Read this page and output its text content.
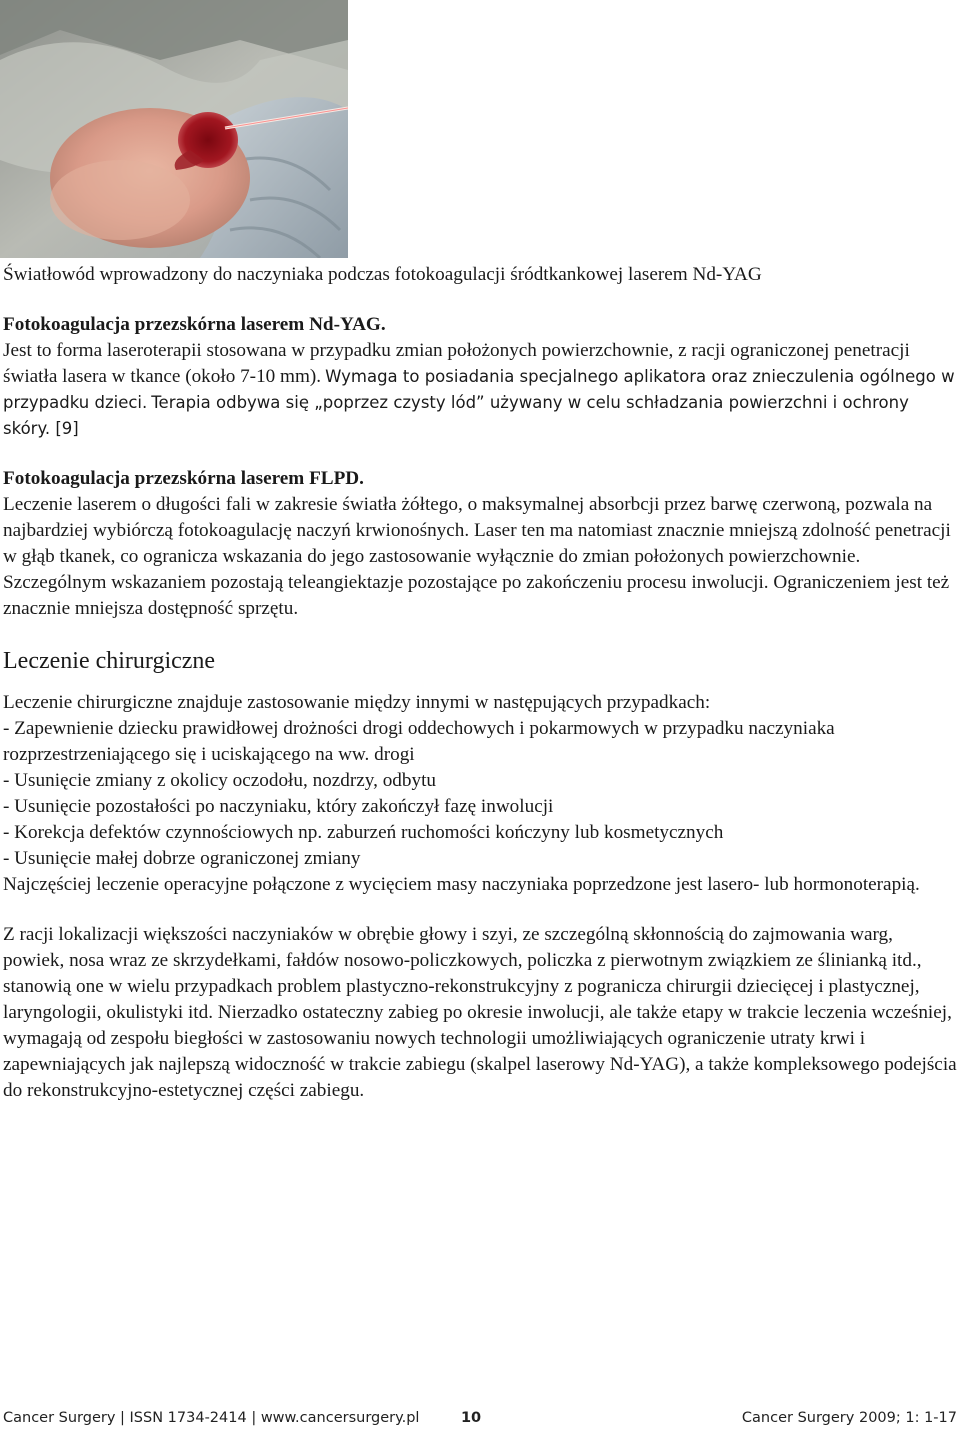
Światłowód wprowadzony do naczyniaka podczas fotokoagulacji śródtkankowej laserem Nd-YAG

Fotokoagulacja przezskórna laserem Nd-YAG.

Jest to forma laseroterapii stosowana w przypadku zmian położonych powierzchownie, z racji ograniczonej penetracji światła lasera w tkance (około 7-10 mm). Wymaga to posiadania specjalnego aplikatora oraz znieczulenia ogólnego w przypadku dzieci. Terapia odbywa się „poprzez czysty lód” używany w celu schładzania powierzchni i ochrony skóry. [9]

Fotokoagulacja przezskórna laserem FLPD.

Leczenie laserem o długości fali w zakresie światła żółtego, o maksymalnej absorbcji przez barwę czerwoną, pozwala na najbardziej wybiórczą fotokoagulację naczyń krwionośnych. Laser ten ma natomiast znacznie mniejszą zdolność penetracji w głąb tkanek, co ogranicza wskazania do jego zastosowanie wyłącznie do zmian położonych powierzchownie. Szczególnym wskazaniem pozostają teleangiektazje pozostające po zakończeniu procesu inwolucji. Ograniczeniem jest też znacznie mniejsza dostępność sprzętu.

Leczenie chirurgiczne

Leczenie chirurgiczne znajduje zastosowanie między innymi w następujących przypadkach:

- Zapewnienie dziecku prawidłowej drożności drogi oddechowych i pokarmowych w przypadku naczyniaka rozprzestrzeniającego się i uciskającego na ww. drogi

- Usunięcie zmiany z okolicy oczodołu, nozdrzy, odbytu

- Usunięcie pozostałości po naczyniaku, który zakończył fazę inwolucji

- Korekcja defektów czynnościowych np. zaburzeń ruchomości kończyny lub kosmetycznych

- Usunięcie małej dobrze ograniczonej zmiany

Najczęściej leczenie operacyjne połączone z wycięciem masy naczyniaka poprzedzone jest lasero- lub hormonoterapią.

Z racji lokalizacji większości naczyniaków w obrębie głowy i szyi, ze szczególną skłonnością do zajmowania warg, powiek, nosa wraz ze skrzydełkami, fałdów nosowo-policzkowych, policzka z pierwotnym związkiem ze ślinianką itd., stanowią one w wielu przypadkach problem plastyczno-rekonstrukcyjny z pogranicza chirurgii dziecięcej i plastycznej, laryngologii, okulistyki itd. Nierzadko ostateczny zabieg po okresie inwolucji, ale także etapy w trakcie leczenia wcześniej, wymagają od zespołu biegłości w zastosowaniu nowych technologii umożliwiających ograniczenie utraty krwi i zapewniających jak najlepszą widoczność w trakcie zabiegu (skalpel laserowy Nd-YAG), a także kompleksowego podejścia do rekonstrukcyjno-estetycznej części zabiegu.

Cancer Surgery | ISSN 1734-2414 | www.cancersurgery.pl	10	Cancer Surgery 2009; 1: 1-17
